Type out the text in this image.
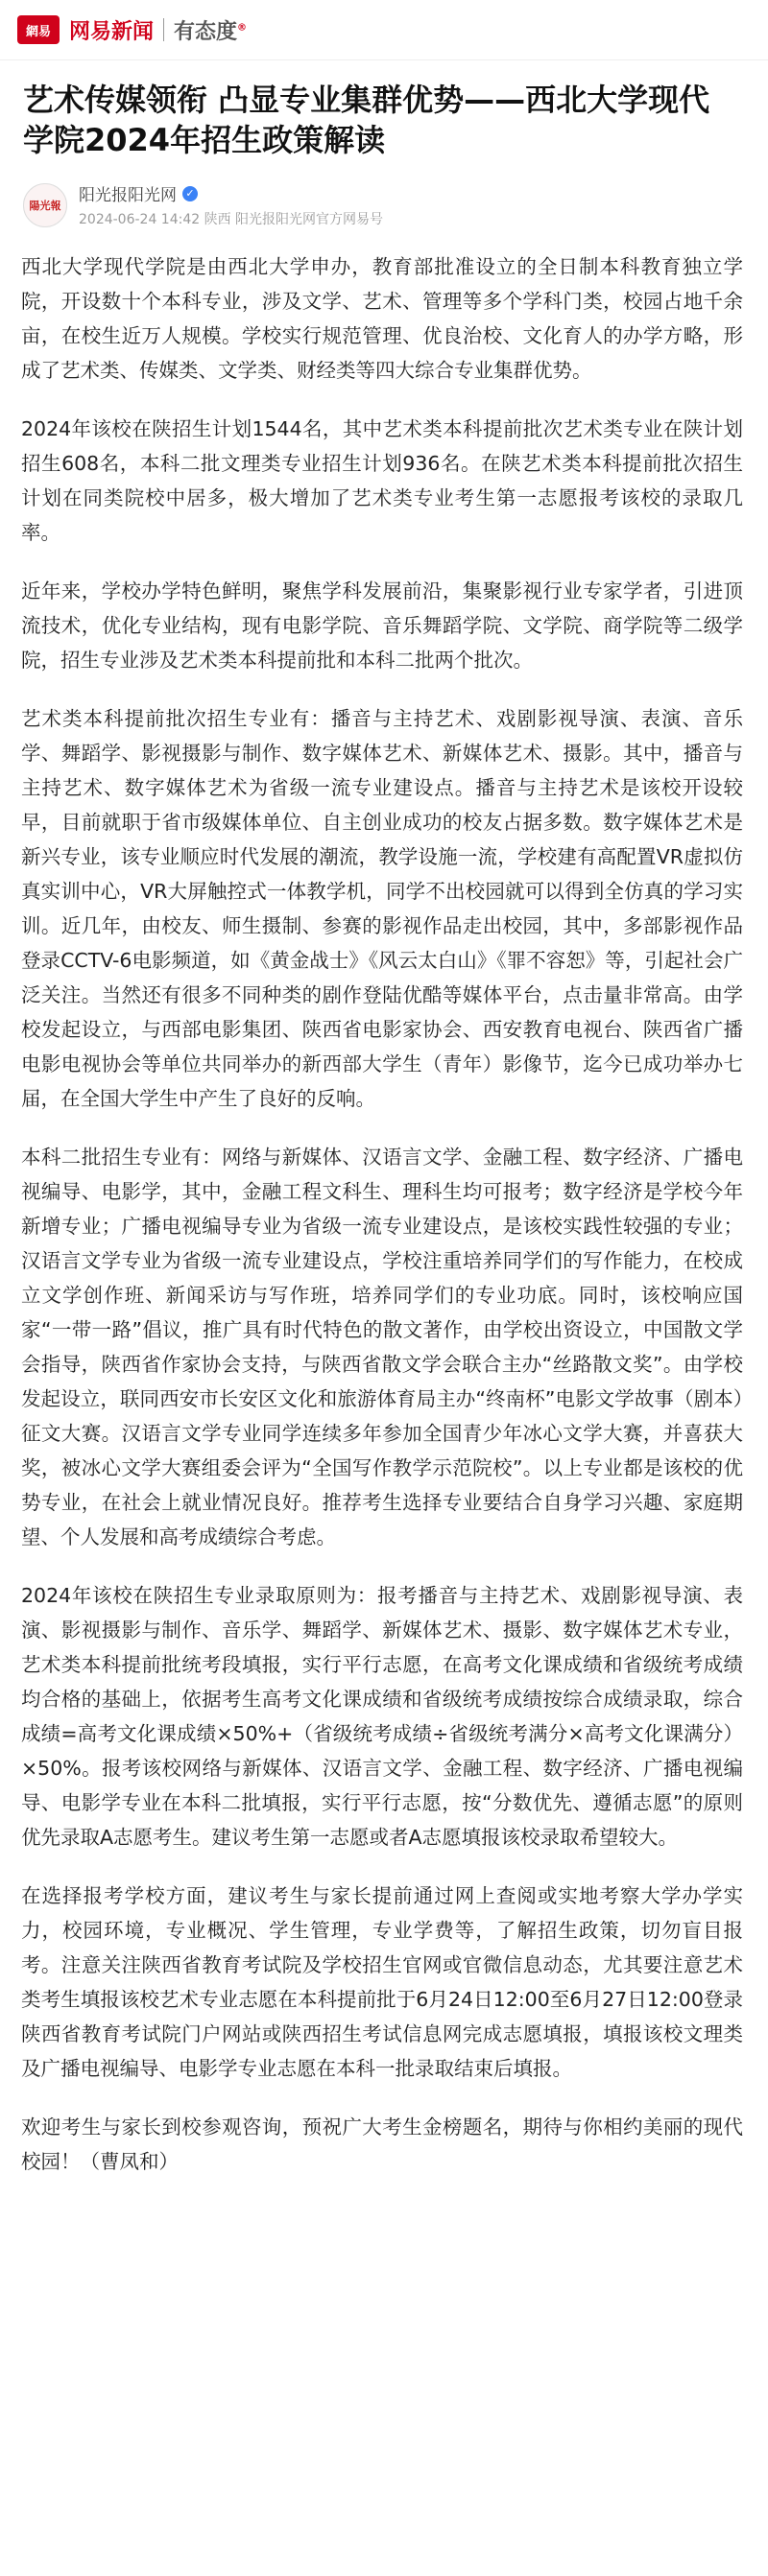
網易 网易新闻 有态度®
艺术传媒领衔 凸显专业集群优势——西北大学现代学院2024年招生政策解读
陽光報	阳光报阳光网 ✓
2024-06-24 14:42 陕西 阳光报阳光网官方网易号

西北大学现代学院是由西北大学申办，教育部批准设立的全日制本科教育独立学院，开设数十个本科专业，涉及文学、艺术、管理等多个学科门类，校园占地千余亩，在校生近万人规模。学校实行规范管理、优良治校、文化育人的办学方略，形成了艺术类、传媒类、文学类、财经类等四大综合专业集群优势。

2024年该校在陕招生计划1544名，其中艺术类本科提前批次艺术类专业在陕计划招生608名，本科二批文理类专业招生计划936名。在陕艺术类本科提前批次招生计划在同类院校中居多，极大增加了艺术类专业考生第一志愿报考该校的录取几率。

近年来，学校办学特色鲜明，聚焦学科发展前沿，集聚影视行业专家学者，引进顶流技术，优化专业结构，现有电影学院、音乐舞蹈学院、文学院、商学院等二级学院，招生专业涉及艺术类本科提前批和本科二批两个批次。

艺术类本科提前批次招生专业有：播音与主持艺术、戏剧影视导演、表演、音乐学、舞蹈学、影视摄影与制作、数字媒体艺术、新媒体艺术、摄影。其中，播音与主持艺术、数字媒体艺术为省级一流专业建设点。播音与主持艺术是该校开设较早，目前就职于省市级媒体单位、自主创业成功的校友占据多数。数字媒体艺术是新兴专业，该专业顺应时代发展的潮流，教学设施一流，学校建有高配置VR虚拟仿真实训中心，VR大屏触控式一体教学机，同学不出校园就可以得到全仿真的学习实训。近几年，由校友、师生摄制、参赛的影视作品走出校园，其中，多部影视作品登录CCTV-6电影频道，如《黄金战士》《风云太白山》《罪不容恕》等，引起社会广泛关注。当然还有很多不同种类的剧作登陆优酷等媒体平台，点击量非常高。由学校发起设立，与西部电影集团、陕西省电影家协会、西安教育电视台、陕西省广播电影电视协会等单位共同举办的新西部大学生（青年）影像节，迄今已成功举办七届，在全国大学生中产生了良好的反响。

本科二批招生专业有：网络与新媒体、汉语言文学、金融工程、数字经济、广播电视编导、电影学，其中，金融工程文科生、理科生均可报考；数字经济是学校今年新增专业；广播电视编导专业为省级一流专业建设点，是该校实践性较强的专业；汉语言文学专业为省级一流专业建设点，学校注重培养同学们的写作能力，在校成立文学创作班、新闻采访与写作班，培养同学们的专业功底。同时，该校响应国家“一带一路”倡议，推广具有时代特色的散文著作，由学校出资设立，中国散文学会指导，陕西省作家协会支持，与陕西省散文学会联合主办“丝路散文奖”。由学校发起设立，联同西安市长安区文化和旅游体育局主办“终南杯”电影文学故事（剧本）征文大赛。汉语言文学专业同学连续多年参加全国青少年冰心文学大赛，并喜获大奖，被冰心文学大赛组委会评为“全国写作教学示范院校”。以上专业都是该校的优势专业，在社会上就业情况良好。推荐考生选择专业要结合自身学习兴趣、家庭期望、个人发展和高考成绩综合考虑。

2024年该校在陕招生专业录取原则为：报考播音与主持艺术、戏剧影视导演、表演、影视摄影与制作、音乐学、舞蹈学、新媒体艺术、摄影、数字媒体艺术专业，艺术类本科提前批统考段填报，实行平行志愿，在高考文化课成绩和省级统考成绩均合格的基础上，依据考生高考文化课成绩和省级统考成绩按综合成绩录取，综合成绩=高考文化课成绩×50%+（省级统考成绩÷省级统考满分×高考文化课满分）×50%。报考该校网络与新媒体、汉语言文学、金融工程、数字经济、广播电视编导、电影学专业在本科二批填报，实行平行志愿，按“分数优先、遵循志愿”的原则优先录取A志愿考生。建议考生第一志愿或者A志愿填报该校录取希望较大。

在选择报考学校方面，建议考生与家长提前通过网上查阅或实地考察大学办学实力，校园环境，专业概况、学生管理，专业学费等，了解招生政策，切勿盲目报考。注意关注陕西省教育考试院及学校招生官网或官微信息动态，尤其要注意艺术类考生填报该校艺术专业志愿在本科提前批于6月24日12:00至6月27日12:00登录陕西省教育考试院门户网站或陕西招生考试信息网完成志愿填报，填报该校文理类及广播电视编导、电影学专业志愿在本科一批录取结束后填报。

欢迎考生与家长到校参观咨询，预祝广大考生金榜题名，期待与你相约美丽的现代校园！（曹凤和）
